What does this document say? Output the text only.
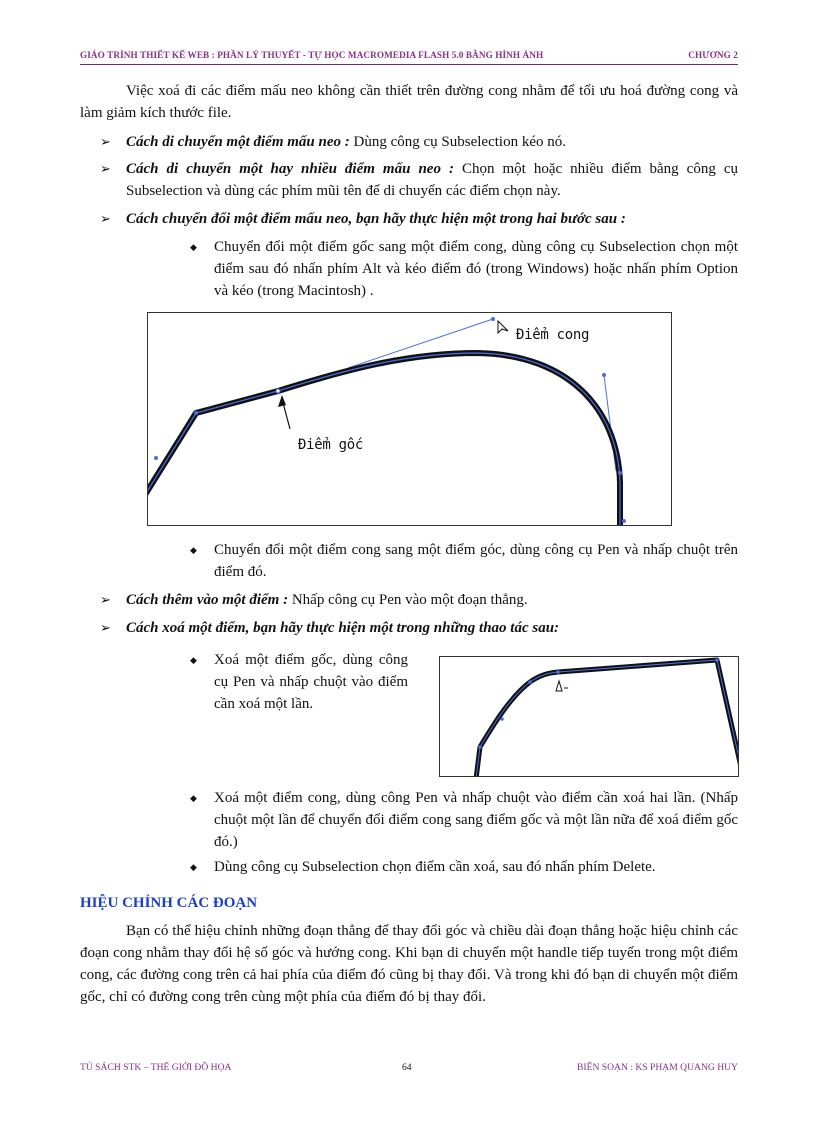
GIÁO TRÌNH THIẾT KẾ WEB : PHẦN LÝ THUYẾT - TỰ HỌC MACROMEDIA FLASH 5.0 BẰNG HÌNH ẢNH	CHƯƠNG 2
Việc xoá đi các điểm mấu neo không cần thiết trên đường cong nhằm để tối ưu hoá đường cong và làm giảm kích thước file.
➢ Cách di chuyển một điểm mấu neo : Dùng công cụ Subselection kéo nó.
➢ Cách di chuyển một hay nhiều điểm mấu neo : Chọn một hoặc nhiều điểm bằng công cụ Subselection và dùng các phím mũi tên để di chuyển các điểm chọn này.
➢ Cách chuyển đổi một điểm mấu neo, bạn hãy thực hiện một trong hai bước sau :
◆ Chuyển đổi một điểm gốc sang một điểm cong, dùng công cụ Subselection chọn một điểm sau đó nhấn phím Alt và kéo điểm đó (trong Windows) hoặc nhấn phím Option và kéo (trong Macintosh) .
Điểm cong
Điểm gốc
◆ Chuyển đổi một điểm cong sang một điểm góc, dùng công cụ Pen và nhấp chuột trên điểm đó.
➢ Cách thêm vào một điểm : Nhấp công cụ Pen vào một đoạn thẳng.
➢ Cách xoá một điểm, bạn hãy thực hiện một trong những thao tác sau:
◆ Xoá một điểm gốc, dùng công cụ Pen và nhấp chuột vào điểm cần xoá một lần.
◆ Xoá một điểm cong, dùng công Pen và nhấp chuột vào điểm cần xoá hai lần. (Nhấp chuột một lần để chuyển đổi điểm cong sang điểm gốc và một lần nữa để xoá điểm gốc đó.)
◆ Dùng công cụ Subselection chọn điểm cần xoá, sau đó nhấn phím Delete.
HIỆU CHỈNH CÁC ĐOẠN
Bạn có thể hiệu chỉnh những đoạn thẳng để thay đổi góc và chiều dài đoạn thẳng hoặc hiệu chỉnh các đoạn cong nhằm thay đổi hệ số góc và hướng cong. Khi bạn di chuyển một handle tiếp tuyến trong một điểm cong, các đường cong trên cả hai phía của điểm đó cũng bị thay đổi. Và trong khi đó bạn di chuyển một điểm gốc, chỉ có đường cong trên cùng một phía của điểm đó bị thay đổi.
TỦ SÁCH STK – THẾ GIỚI ĐỒ HỌA	64	BIÊN SOẠN : KS PHẠM QUANG HUY
